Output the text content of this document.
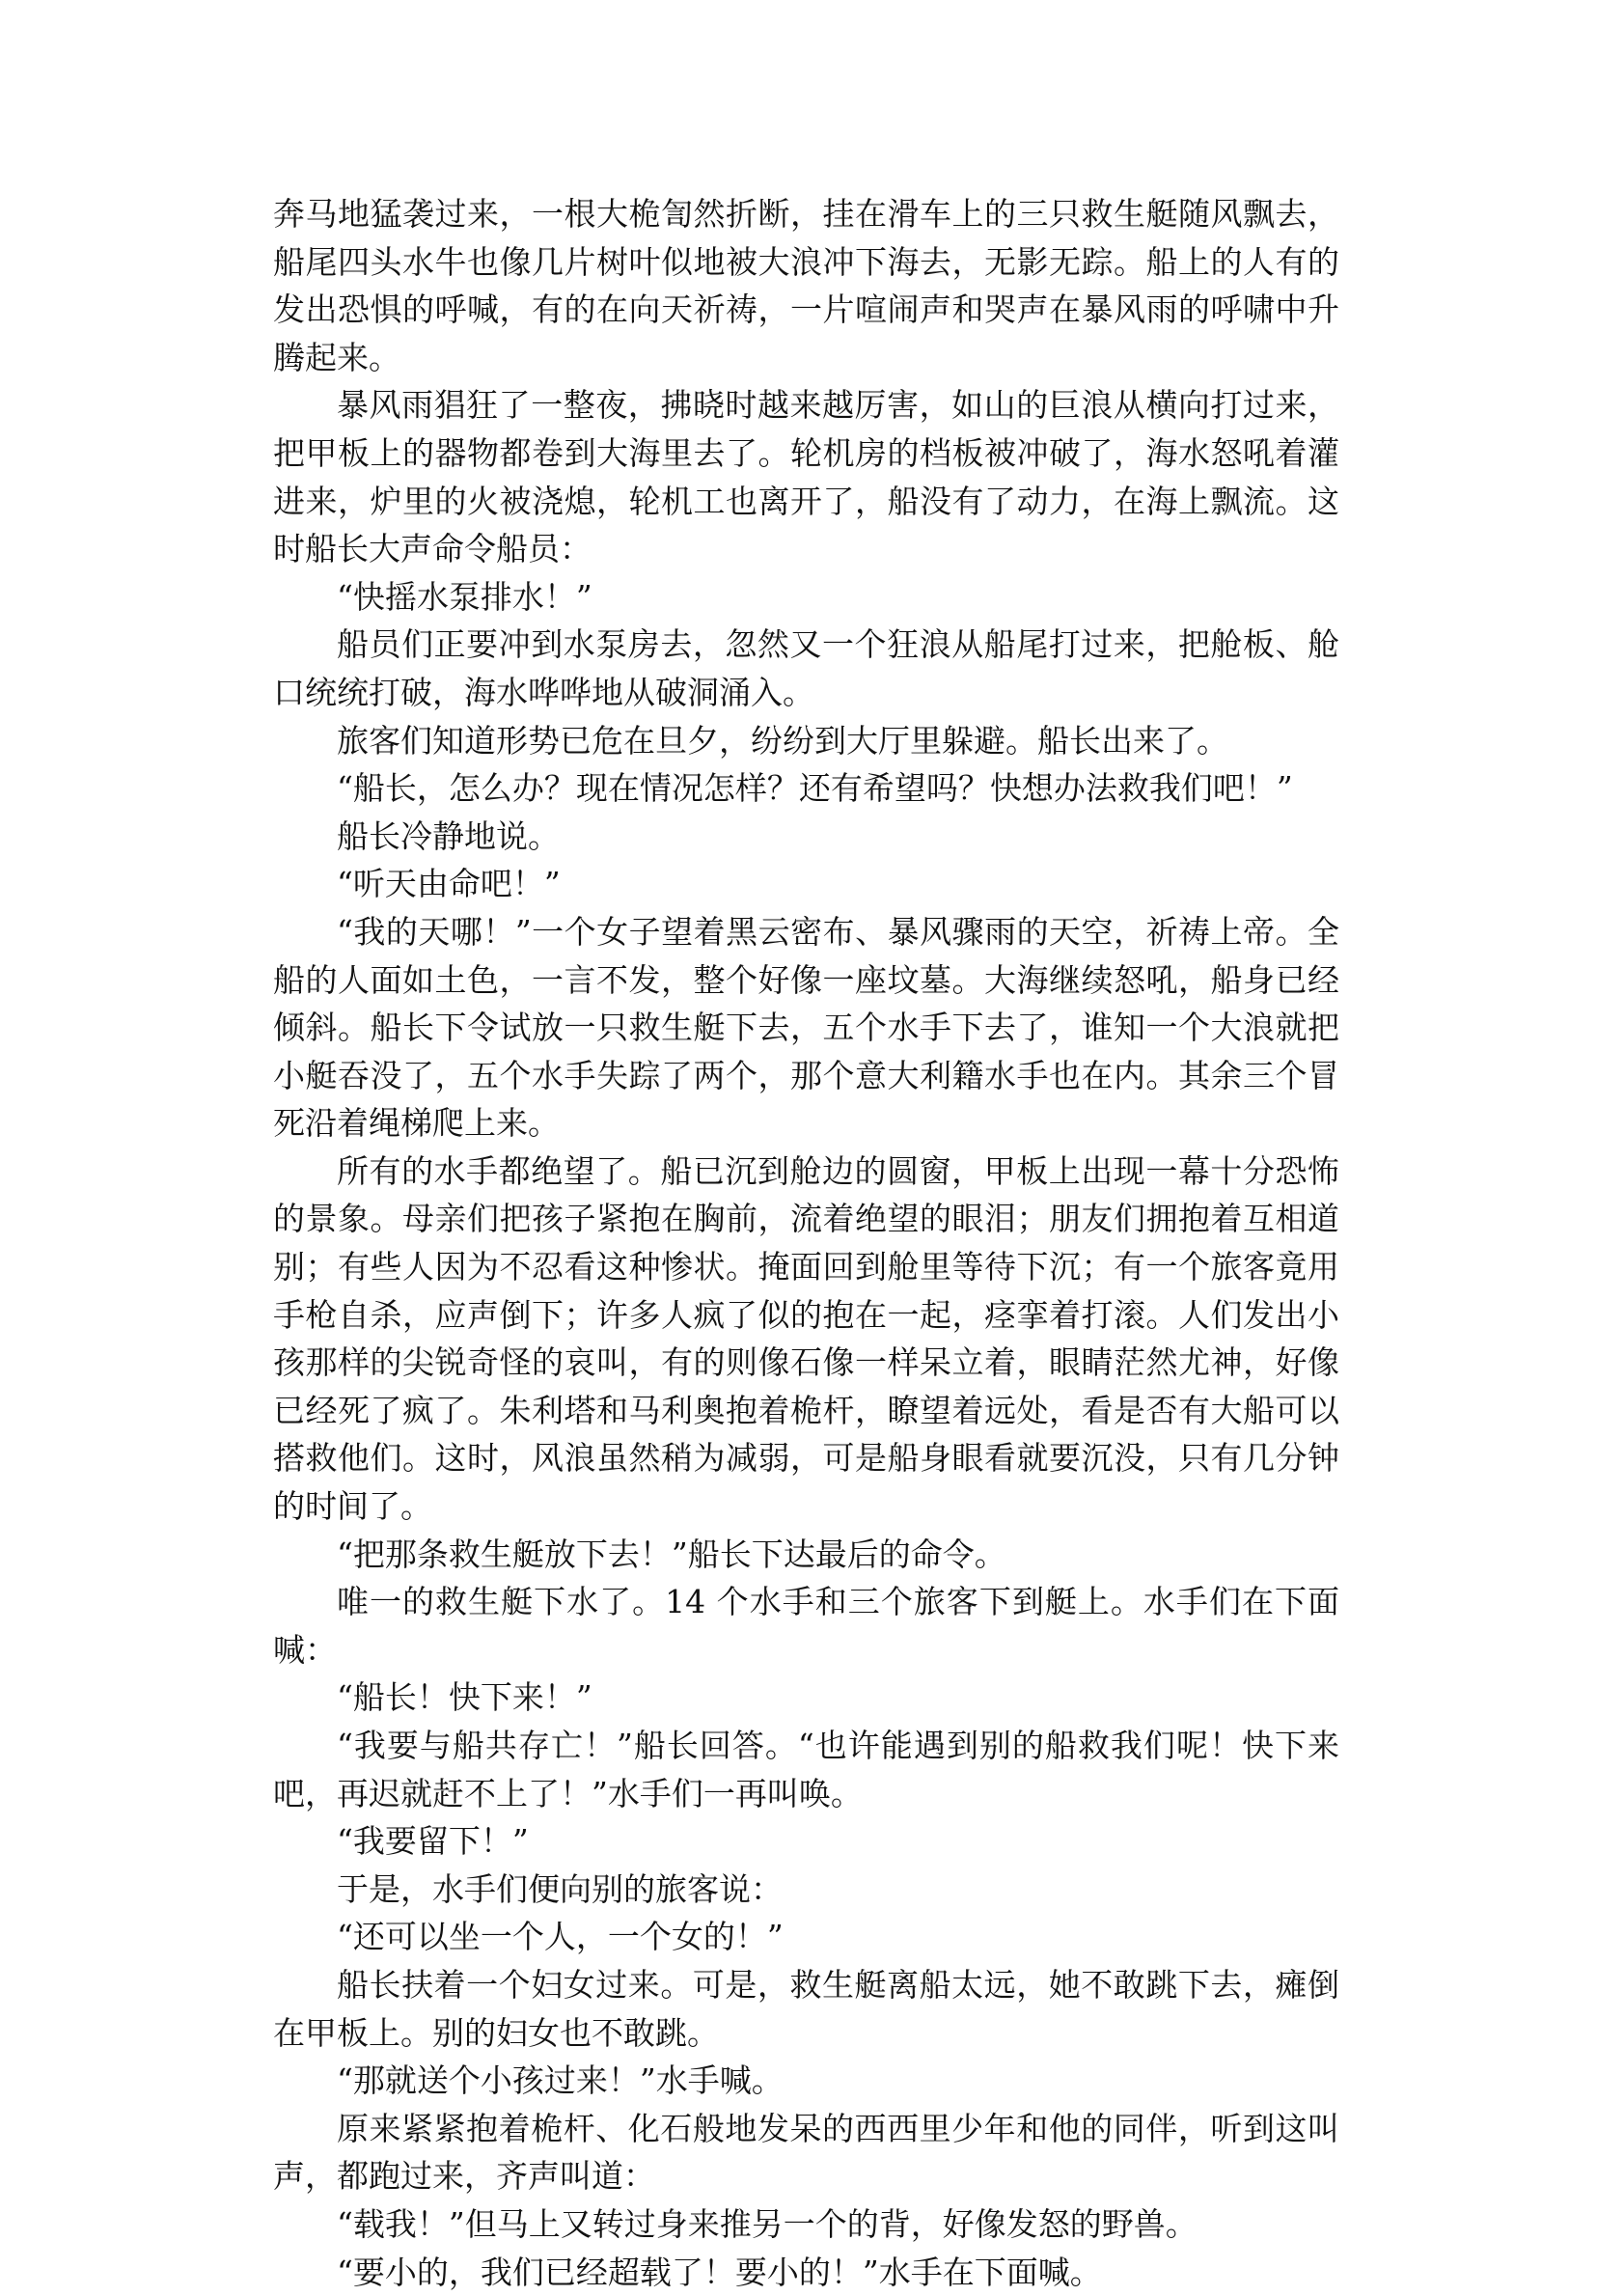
奔马地猛袭过来，一根大桅訇然折断，挂在滑车上的三只救生艇随风飘去，船尾四头水牛也像几片树叶似地被大浪冲下海去，无影无踪。船上的人有的发出恐惧的呼喊，有的在向天祈祷，一片喧闹声和哭声在暴风雨的呼啸中升腾起来。

暴风雨猖狂了一整夜，拂晓时越来越厉害，如山的巨浪从横向打过来，把甲板上的器物都卷到大海里去了。轮机房的档板被冲破了，海水怒吼着灌进来，炉里的火被浇熄，轮机工也离开了，船没有了动力，在海上飘流。这时船长大声命令船员：

“快摇水泵排水！”

船员们正要冲到水泵房去，忽然又一个狂浪从船尾打过来，把舱板、舱口统统打破，海水哗哗地从破洞涌入。

旅客们知道形势已危在旦夕，纷纷到大厅里躲避。船长出来了。

“船长，怎么办？现在情况怎样？还有希望吗？快想办法救我们吧！”

船长冷静地说。

“听天由命吧！”

“我的天哪！”一个女子望着黑云密布、暴风骤雨的天空，祈祷上帝。全船的人面如土色，一言不发，整个好像一座坟墓。大海继续怒吼，船身已经倾斜。船长下令试放一只救生艇下去，五个水手下去了，谁知一个大浪就把小艇吞没了，五个水手失踪了两个，那个意大利籍水手也在内。其余三个冒死沿着绳梯爬上来。

所有的水手都绝望了。船已沉到舱边的圆窗，甲板上出现一幕十分恐怖的景象。母亲们把孩子紧抱在胸前，流着绝望的眼泪；朋友们拥抱着互相道别；有些人因为不忍看这种惨状。掩面回到舱里等待下沉；有一个旅客竟用手枪自杀，应声倒下；许多人疯了似的抱在一起，痉挛着打滚。人们发出小孩那样的尖锐奇怪的哀叫，有的则像石像一样呆立着，眼睛茫然尤神，好像已经死了疯了。朱利塔和马利奥抱着桅杆，瞭望着远处，看是否有大船可以搭救他们。这时，风浪虽然稍为减弱，可是船身眼看就要沉没，只有几分钟的时间了。

“把那条救生艇放下去！”船长下达最后的命令。

唯一的救生艇下水了。14 个水手和三个旅客下到艇上。水手们在下面喊：

“船长！快下来！”

“我要与船共存亡！”船长回答。“也许能遇到别的船救我们呢！快下来吧，再迟就赶不上了！”水手们一再叫唤。

“我要留下！”

于是，水手们便向别的旅客说：

“还可以坐一个人，一个女的！”

船长扶着一个妇女过来。可是，救生艇离船太远，她不敢跳下去，瘫倒在甲板上。别的妇女也不敢跳。

“那就送个小孩过来！”水手喊。

原来紧紧抱着桅杆、化石般地发呆的西西里少年和他的同伴，听到这叫声，都跑过来，齐声叫道：

“载我！”但马上又转过身来推另一个的背，好像发怒的野兽。

“要小的，我们已经超载了！要小的！”水手在下面喊。
